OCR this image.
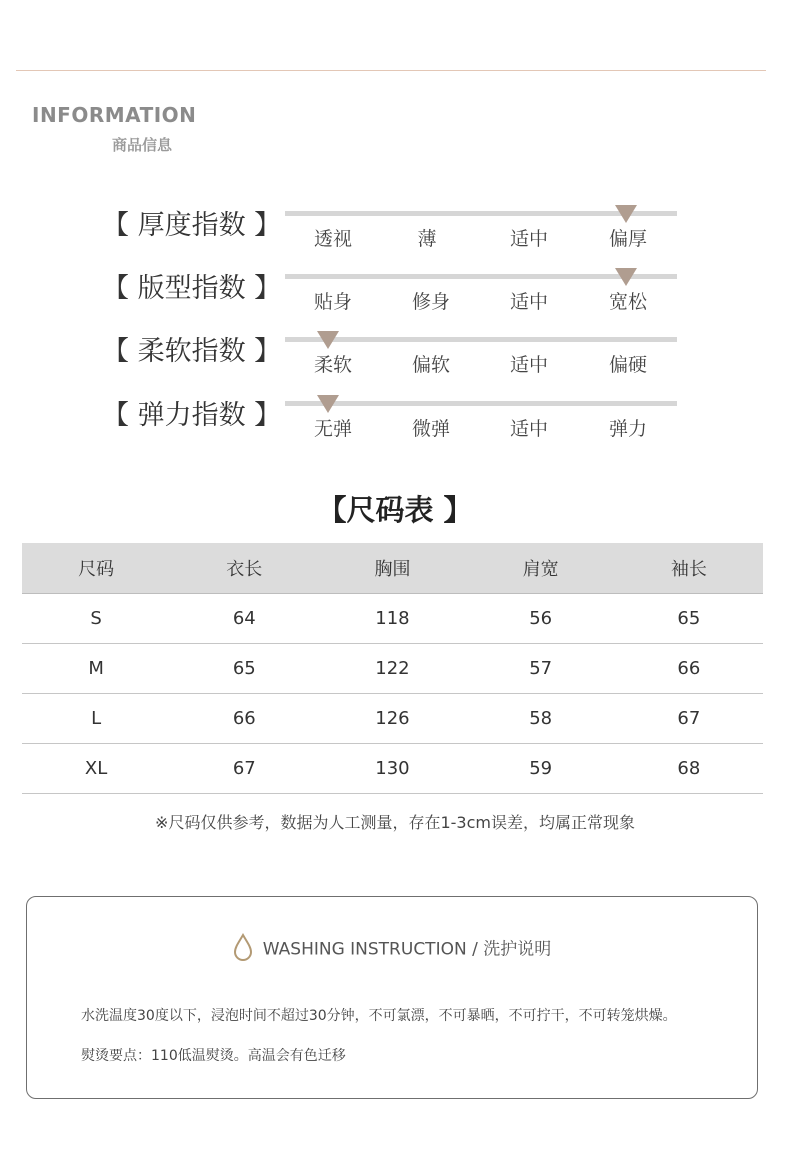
INFORMATION
商品信息
【 厚度指数 】	透视	薄	适中	偏厚
【 版型指数 】	贴身	修身	适中	宽松
【 柔软指数 】	柔软	偏软	适中	偏硬
【 弹力指数 】	无弹	微弹	适中	弹力
【尺码表 】
尺码	衣长	胸围	肩宽	袖长
S	64	118	56	65
M	65	122	57	66
L	66	126	58	67
XL	67	130	59	68
※尺码仅供参考，数据为人工测量，存在1-3cm误差，均属正常现象
WASHING INSTRUCTION / 洗护说明
水洗温度30度以下，浸泡时间不超过30分钟，不可氯漂，不可暴晒，不可拧干，不可转笼烘燥。
熨烫要点：110低温熨烫。高温会有色迁移
